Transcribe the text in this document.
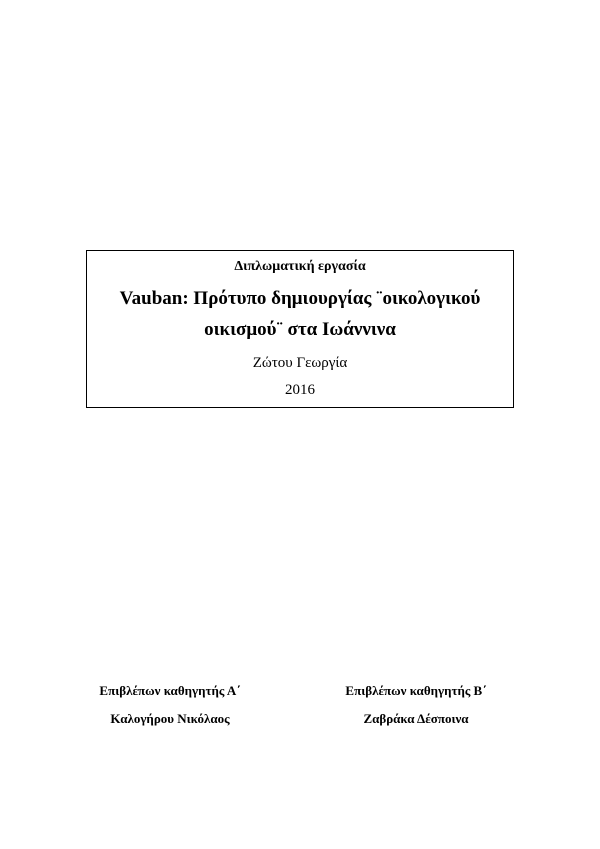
Διπλωματική εργασία
Vauban: Πρότυπο δημιουργίας ¨οικολογικού
οικισμού¨ στα Ιωάννινα
Ζώτου Γεωργία
2016
Επιβλέπων καθηγητής Α΄
Καλογήρου Νικόλαος
Επιβλέπων καθηγητής Β΄
Ζαβράκα Δέσποινα
